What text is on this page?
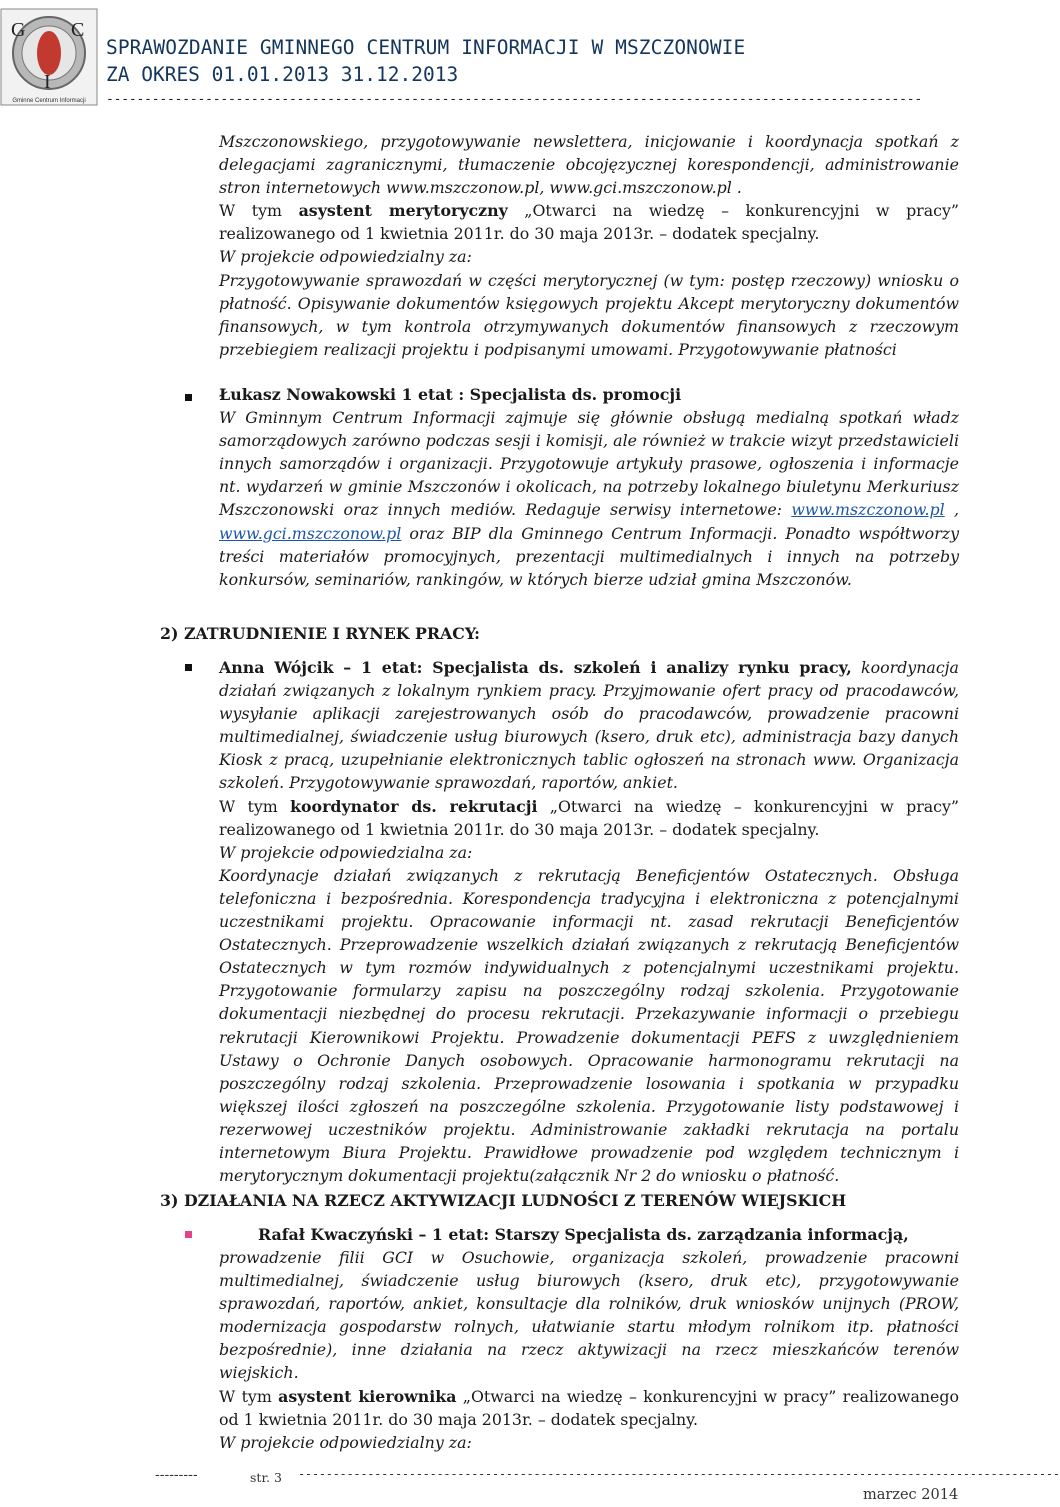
G C
I
Gminne Centrum Informacji
SPRAWOZDANIE GMINNEGO CENTRUM INFORMACJI W MSZCZONOWIE
ZA OKRES 01.01.2013 31.12.2013
-----------------------------------------------------------------------------------------------------------

Mszczonowskiego, przygotowywanie newslettera, inicjowanie i koordynacja spotkań z delegacjami zagranicznymi, tłumaczenie obcojęzycznej korespondencji, administrowanie stron internetowych www.mszczonow.pl, www.gci.mszczonow.pl .

W tym asystent merytoryczny „Otwarci na wiedzę – konkurencyjni w pracy” realizowanego od 1 kwietnia 2011r. do 30 maja 2013r. – dodatek specjalny.

W projekcie odpowiedzialny za:

Przygotowywanie sprawozdań w części merytorycznej (w tym: postęp rzeczowy) wniosku o płatność. Opisywanie dokumentów księgowych projektu Akcept merytoryczny dokumentów finansowych, w tym kontrola otrzymywanych dokumentów finansowych z rzeczowym przebiegiem realizacji projektu i podpisanymi umowami. Przygotowywanie płatności

Łukasz Nowakowski 1 etat : Specjalista ds. promocji

W Gminnym Centrum Informacji zajmuje się głównie obsługą medialną spotkań władz samorządowych zarówno podczas sesji i komisji, ale również w trakcie wizyt przedstawicieli innych samorządów i organizacji. Przygotowuje artykuły prasowe, ogłoszenia i informacje nt. wydarzeń w gminie Mszczonów i okolicach, na potrzeby lokalnego biuletynu Merkuriusz Mszczonowski oraz innych mediów. Redaguje serwisy internetowe: www.mszczonow.pl , www.gci.mszczonow.pl oraz BIP dla Gminnego Centrum Informacji. Ponadto współtworzy treści materiałów promocyjnych, prezentacji multimedialnych i innych na potrzeby konkursów, seminariów, rankingów, w których bierze udział gmina Mszczonów.

2) ZATRUDNIENIE I RYNEK PRACY:

Anna Wójcik – 1 etat: Specjalista ds. szkoleń i analizy rynku pracy, koordynacja działań związanych z lokalnym rynkiem pracy. Przyjmowanie ofert pracy od pracodawców, wysyłanie aplikacji zarejestrowanych osób do pracodawców, prowadzenie pracowni multimedialnej, świadczenie usług biurowych (ksero, druk etc), administracja bazy danych Kiosk z pracą, uzupełnianie elektronicznych tablic ogłoszeń na stronach www. Organizacja szkoleń. Przygotowywanie sprawozdań, raportów, ankiet.

W tym koordynator ds. rekrutacji „Otwarci na wiedzę – konkurencyjni w pracy” realizowanego od 1 kwietnia 2011r. do 30 maja 2013r. – dodatek specjalny.

W projekcie odpowiedzialna za:

Koordynacje działań związanych z rekrutacją Beneficjentów Ostatecznych. Obsługa telefoniczna i bezpośrednia. Korespondencja tradycyjna i elektroniczna z potencjalnymi uczestnikami projektu. Opracowanie informacji nt. zasad rekrutacji Beneficjentów Ostatecznych. Przeprowadzenie wszelkich działań związanych z rekrutacją Beneficjentów Ostatecznych w tym rozmów indywidualnych z potencjalnymi uczestnikami projektu. Przygotowanie formularzy zapisu na poszczególny rodzaj szkolenia. Przygotowanie dokumentacji niezbędnej do procesu rekrutacji. Przekazywanie informacji o przebiegu rekrutacji Kierownikowi Projektu. Prowadzenie dokumentacji PEFS z uwzględnieniem Ustawy o Ochronie Danych osobowych. Opracowanie harmonogramu rekrutacji na poszczególny rodzaj szkolenia. Przeprowadzenie losowania i spotkania w przypadku większej ilości zgłoszeń na poszczególne szkolenia. Przygotowanie listy podstawowej i rezerwowej uczestników projektu. Administrowanie zakładki rekrutacja na portalu internetowym Biura Projektu. Prawidłowe prowadzenie pod względem technicznym i merytorycznym dokumentacji projektu(załącznik Nr 2 do wniosku o płatność.

3) DZIAŁANIA NA RZECZ AKTYWIZACJI LUDNOŚCI Z TERENÓW WIEJSKICH

Rafał Kwaczyński – 1 etat: Starszy Specjalista ds. zarządzania informacją,

prowadzenie filii GCI w Osuchowie, organizacja szkoleń, prowadzenie pracowni multimedialnej, świadczenie usług biurowych (ksero, druk etc), przygotowywanie sprawozdań, raportów, ankiet, konsultacje dla rolników, druk wniosków unijnych (PROW, modernizacja gospodarstw rolnych, ułatwianie startu młodym rolnikom itp. płatności bezpośrednie), inne działania na rzecz aktywizacji na rzecz mieszkańców terenów wiejskich.

W tym asystent kierownika „Otwarci na wiedzę – konkurencyjni w pracy” realizowanego od 1 kwietnia 2011r. do 30 maja 2013r. – dodatek specjalny.

W projekcie odpowiedzialny za:

---------	str. 3 --------------------------------------------------------------------------------------------------------------
marzec 2014
